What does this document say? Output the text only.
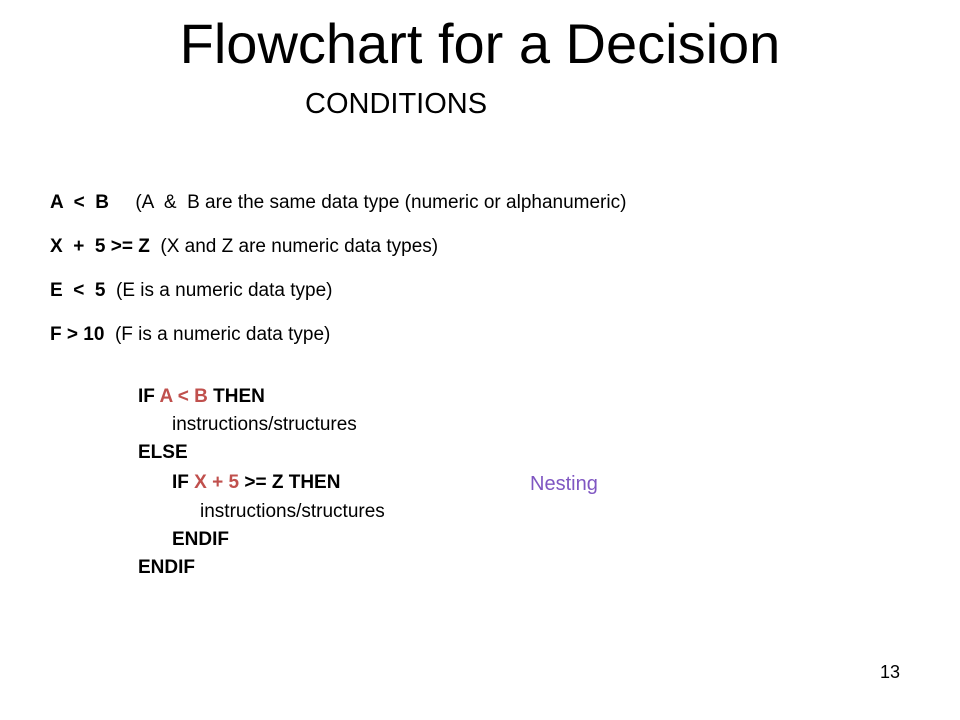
Flowchart for a Decision
CONDITIONS
A  <  B (A  &  B are the same data type (numeric or alphanumeric)
X  +  5 >= Z (X and Z are numeric data types)
E  <  5 (E is a numeric data type)
F > 10 (F is a numeric data type)
IF A < B THEN
instructions/structures
ELSE
IF X + 5 >= Z THEN
instructions/structures
ENDIF
ENDIF
Nesting
13
